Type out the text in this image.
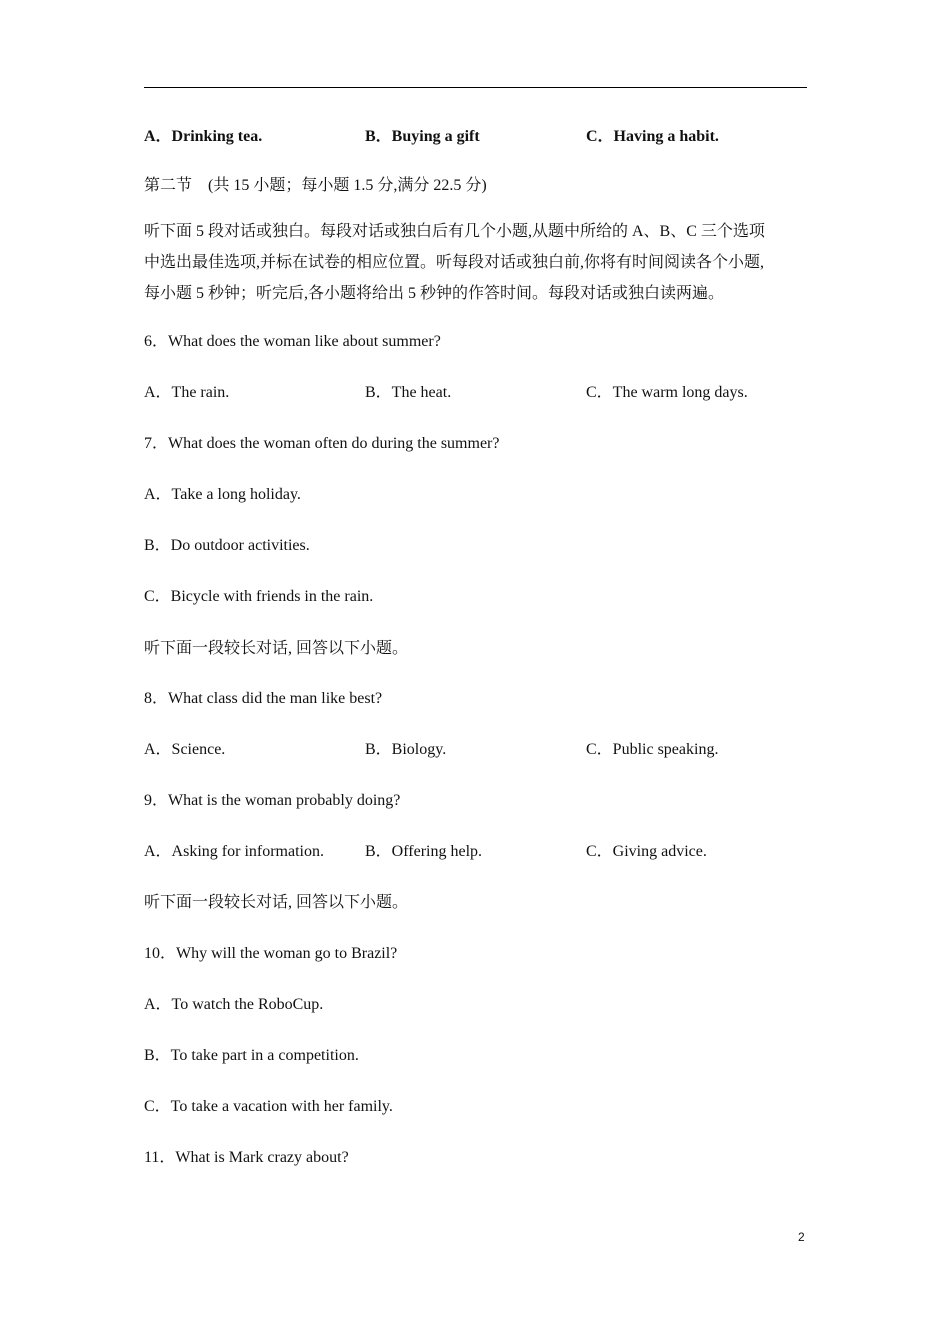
A．Drinking tea.	B．Buying a gift	C．Having a habit.
第二节　(共 15 小题；每小题 1.5 分,满分 22.5 分)
听下面 5 段对话或独白。每段对话或独白后有几个小题,从题中所给的 A、B、C 三个选项
中选出最佳选项,并标在试卷的相应位置。听每段对话或独白前,你将有时间阅读各个小题,
每小题 5 秒钟；听完后,各小题将给出 5 秒钟的作答时间。每段对话或独白读两遍。
6．What does the woman like about summer?
A．The rain.	B．The heat.	C．The warm long days.
7．What does the woman often do during the summer?
A．Take a long holiday.
B．Do outdoor activities.
C．Bicycle with friends in the rain.
听下面一段较长对话, 回答以下小题。
8．What class did the man like best?
A．Science.	B．Biology.	C．Public speaking.
9．What is the woman probably doing?
A．Asking for information.	B．Offering help.	C．Giving advice.
听下面一段较长对话, 回答以下小题。
10．Why will the woman go to Brazil?
A．To watch the RoboCup.
B．To take part in a competition.
C．To take a vacation with her family.
11．What is Mark crazy about?
2
